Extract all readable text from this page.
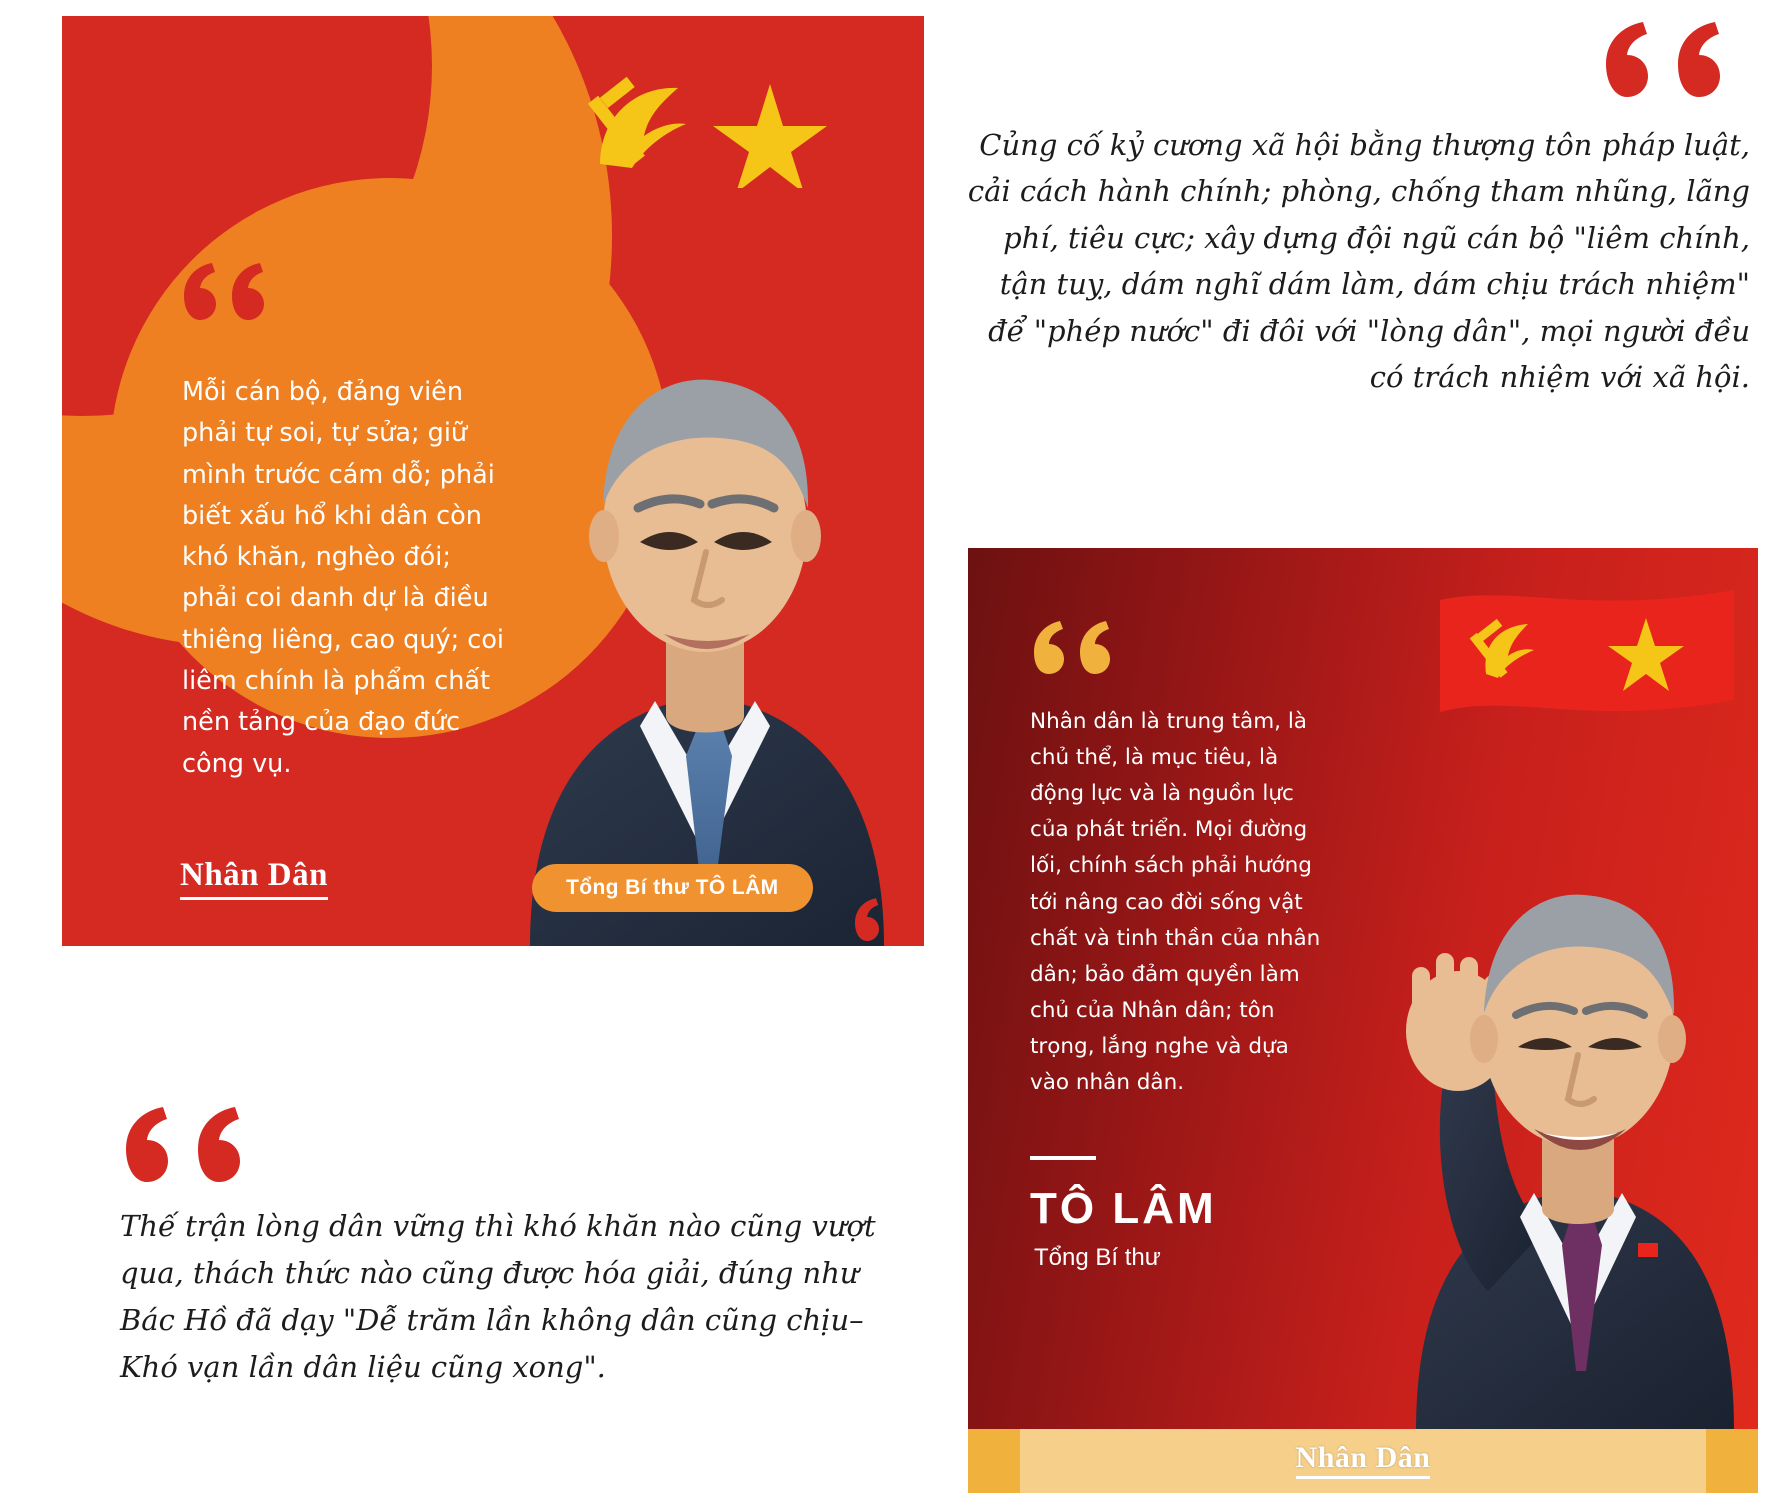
Mỗi cán bộ, đảng viên phải tự soi, tự sửa; giữ mình trước cám dỗ; phải biết xấu hổ khi dân còn khó khăn, nghèo đói; phải coi danh dự là điều thiêng liêng, cao quý; coi liêm chính là phẩm chất nền tảng của đạo đức công vụ.
Tổng Bí thư TÔ LÂM
Nhân Dân

Thế trận lòng dân vững thì khó khăn nào cũng vượt qua, thách thức nào cũng được hóa giải, đúng như Bác Hồ đã dạy "Dễ trăm lần không dân cũng chịu–Khó vạn lần dân liệu cũng xong".

Củng cố kỷ cương xã hội bằng thượng tôn pháp luật, cải cách hành chính; phòng, chống tham nhũng, lãng phí, tiêu cực; xây dựng đội ngũ cán bộ "liêm chính, tận tuỵ, dám nghĩ dám làm, dám chịu trách nhiệm" để "phép nước" đi đôi với "lòng dân", mọi người đều có trách nhiệm với xã hội.

Nhân dân là trung tâm, là chủ thể, là mục tiêu, là động lực và là nguồn lực của phát triển. Mọi đường lối, chính sách phải hướng tới nâng cao đời sống vật chất và tinh thần của nhân dân; bảo đảm quyền làm chủ của Nhân dân; tôn trọng, lắng nghe và dựa vào nhân dân.
TÔ LÂM
Tổng Bí thư
Nhân Dân
